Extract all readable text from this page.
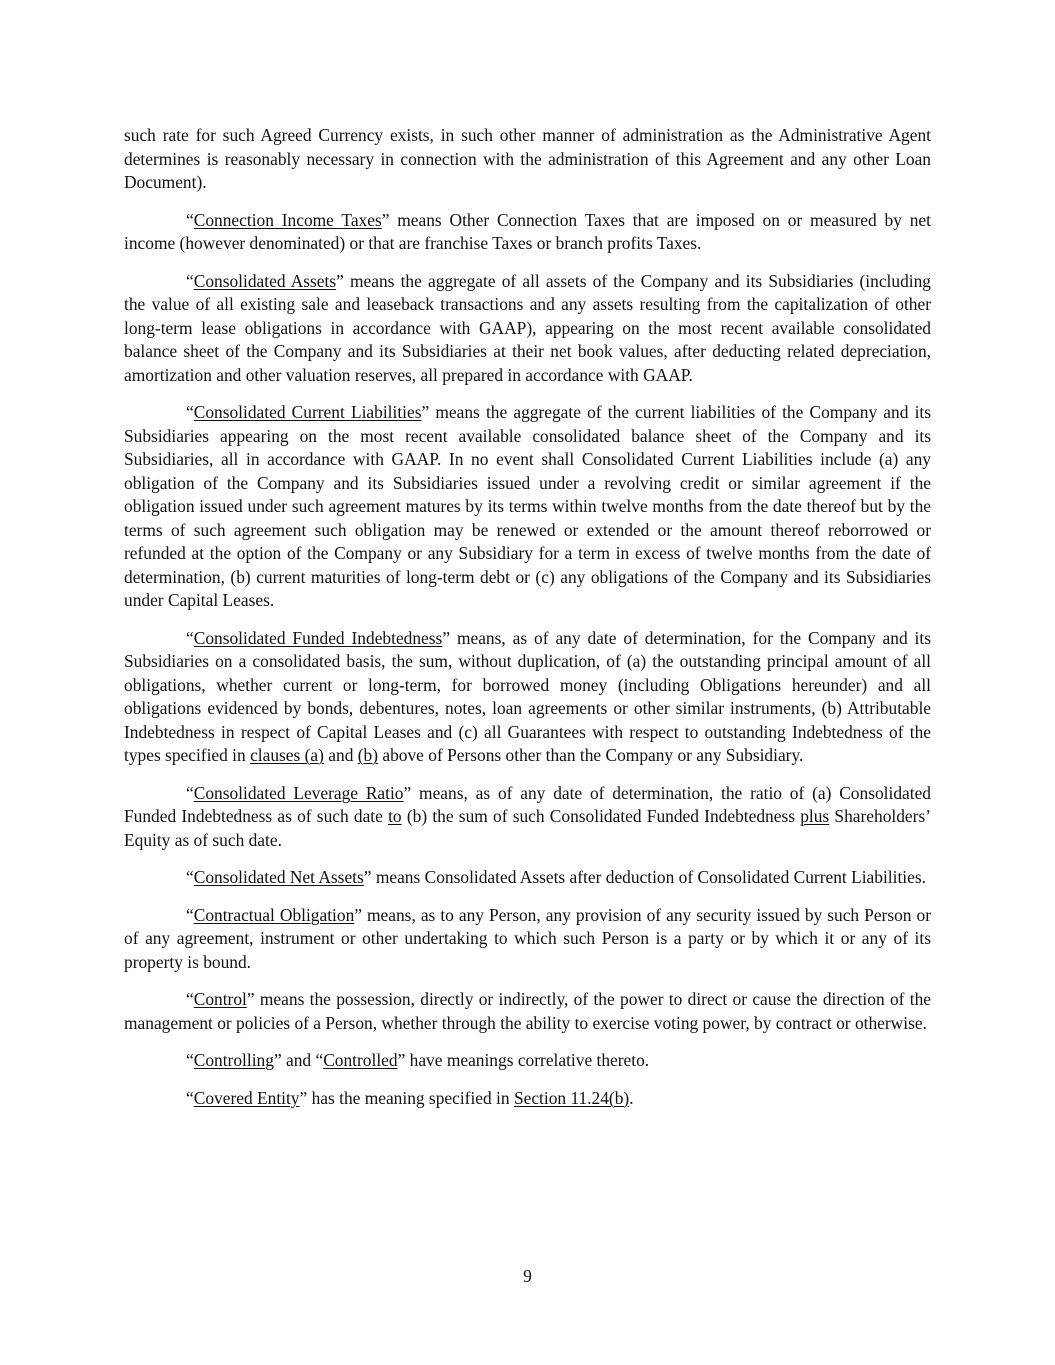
such rate for such Agreed Currency exists, in such other manner of administration as the Administrative Agent determines is reasonably necessary in connection with the administration of this Agreement and any other Loan Document).

“Connection Income Taxes” means Other Connection Taxes that are imposed on or measured by net income (however denominated) or that are franchise Taxes or branch profits Taxes.

“Consolidated Assets” means the aggregate of all assets of the Company and its Subsidiaries (including the value of all existing sale and leaseback transactions and any assets resulting from the capitalization of other long-term lease obligations in accordance with GAAP), appearing on the most recent available consolidated balance sheet of the Company and its Subsidiaries at their net book values, after deducting related depreciation, amortization and other valuation reserves, all prepared in accordance with GAAP.

“Consolidated Current Liabilities” means the aggregate of the current liabilities of the Company and its Subsidiaries appearing on the most recent available consolidated balance sheet of the Company and its Subsidiaries, all in accordance with GAAP. In no event shall Consolidated Current Liabilities include (a) any obligation of the Company and its Subsidiaries issued under a revolving credit or similar agreement if the obligation issued under such agreement matures by its terms within twelve months from the date thereof but by the terms of such agreement such obligation may be renewed or extended or the amount thereof reborrowed or refunded at the option of the Company or any Subsidiary for a term in excess of twelve months from the date of determination, (b) current maturities of long-term debt or (c) any obligations of the Company and its Subsidiaries under Capital Leases.

“Consolidated Funded Indebtedness” means, as of any date of determination, for the Company and its Subsidiaries on a consolidated basis, the sum, without duplication, of (a) the outstanding principal amount of all obligations, whether current or long-term, for borrowed money (including Obligations hereunder) and all obligations evidenced by bonds, debentures, notes, loan agreements or other similar instruments, (b) Attributable Indebtedness in respect of Capital Leases and (c) all Guarantees with respect to outstanding Indebtedness of the types specified in clauses (a) and (b) above of Persons other than the Company or any Subsidiary.

“Consolidated Leverage Ratio” means, as of any date of determination, the ratio of (a) Consolidated Funded Indebtedness as of such date to (b) the sum of such Consolidated Funded Indebtedness plus Shareholders’ Equity as of such date.

“Consolidated Net Assets” means Consolidated Assets after deduction of Consolidated Current Liabilities.

“Contractual Obligation” means, as to any Person, any provision of any security issued by such Person or of any agreement, instrument or other undertaking to which such Person is a party or by which it or any of its property is bound.

“Control” means the possession, directly or indirectly, of the power to direct or cause the direction of the management or policies of a Person, whether through the ability to exercise voting power, by contract or otherwise.

“Controlling” and “Controlled” have meanings correlative thereto.

“Covered Entity” has the meaning specified in Section 11.24(b).

9
